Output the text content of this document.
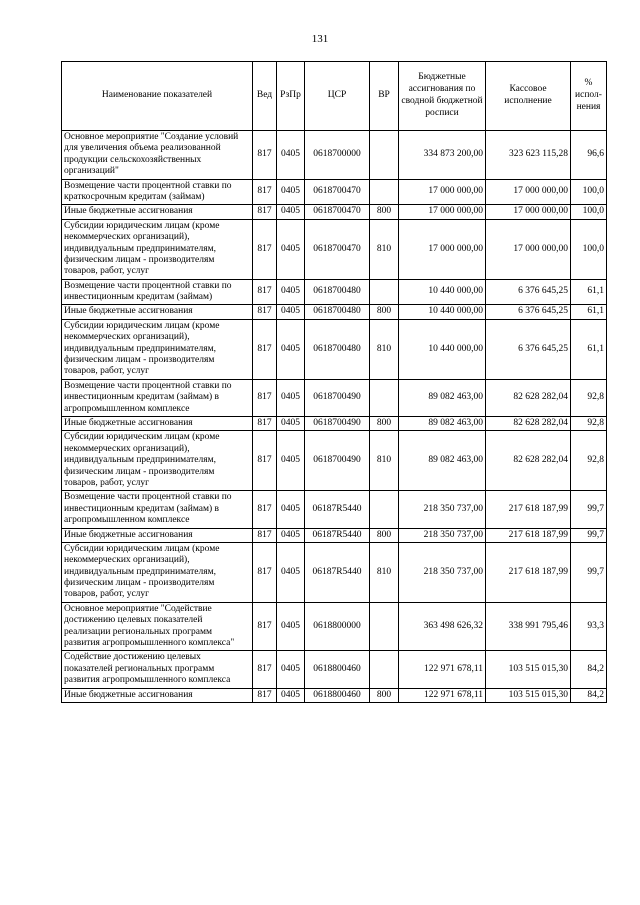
131
Наименование показателей	Вед	РзПр	ЦСР	ВР	Бюджетные ассигнования по сводной бюджетной росписи	Кассовое исполнение	% испол-нения
Основное мероприятие "Создание условий для увеличения объема реализованной продукции сельскохозяйственных организаций"	817	0405	0618700000		334 873 200,00	323 623 115,28	96,6
Возмещение части процентной ставки по краткосрочным кредитам (займам)	817	0405	0618700470		17 000 000,00	17 000 000,00	100,0
Иные бюджетные ассигнования	817	0405	0618700470	800	17 000 000,00	17 000 000,00	100,0
Субсидии юридическим лицам (кроме некоммерческих организаций), индивидуальным предпринимателям, физическим лицам - производителям товаров, работ, услуг	817	0405	0618700470	810	17 000 000,00	17 000 000,00	100,0
Возмещение части процентной ставки по инвестиционным кредитам (займам)	817	0405	0618700480		10 440 000,00	6 376 645,25	61,1
Иные бюджетные ассигнования	817	0405	0618700480	800	10 440 000,00	6 376 645,25	61,1
Субсидии юридическим лицам (кроме некоммерческих организаций), индивидуальным предпринимателям, физическим лицам - производителям товаров, работ, услуг	817	0405	0618700480	810	10 440 000,00	6 376 645,25	61,1
Возмещение части процентной ставки по инвестиционным кредитам (займам) в агропромышленном комплексе	817	0405	0618700490		89 082 463,00	82 628 282,04	92,8
Иные бюджетные ассигнования	817	0405	0618700490	800	89 082 463,00	82 628 282,04	92,8
Субсидии юридическим лицам (кроме некоммерческих организаций), индивидуальным предпринимателям, физическим лицам - производителям товаров, работ, услуг	817	0405	0618700490	810	89 082 463,00	82 628 282,04	92,8
Возмещение части процентной ставки по инвестиционным кредитам (займам) в агропромышленном комплексе	817	0405	06187R5440		218 350 737,00	217 618 187,99	99,7
Иные бюджетные ассигнования	817	0405	06187R5440	800	218 350 737,00	217 618 187,99	99,7
Субсидии юридическим лицам (кроме некоммерческих организаций), индивидуальным предпринимателям, физическим лицам - производителям товаров, работ, услуг	817	0405	06187R5440	810	218 350 737,00	217 618 187,99	99,7
Основное мероприятие "Содействие достижению целевых показателей реализации региональных программ развития агропромышленного комплекса"	817	0405	0618800000		363 498 626,32	338 991 795,46	93,3
Содействие достижению целевых показателей региональных программ развития агропромышленного комплекса	817	0405	0618800460		122 971 678,11	103 515 015,30	84,2
Иные бюджетные ассигнования	817	0405	0618800460	800	122 971 678,11	103 515 015,30	84,2
